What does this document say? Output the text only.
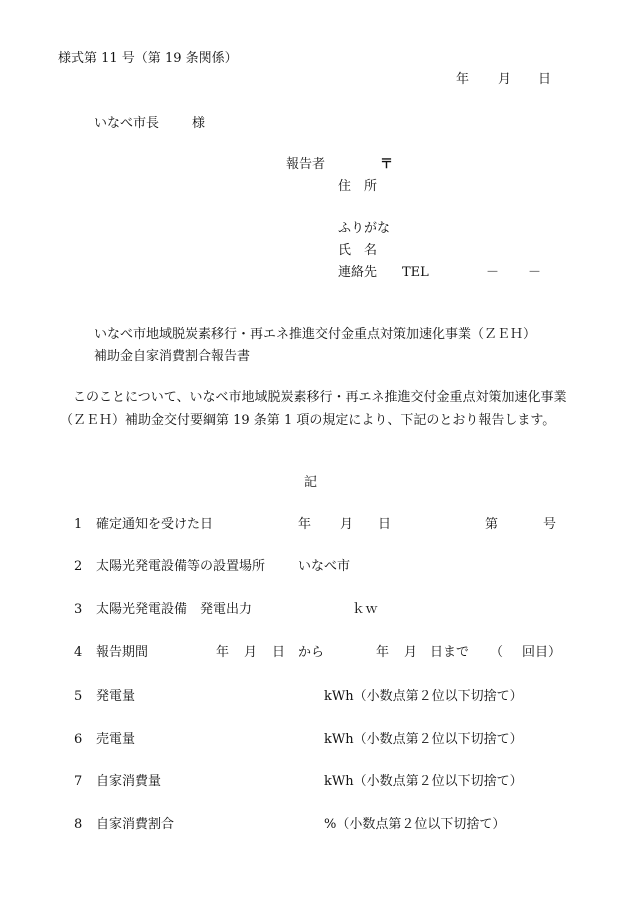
様式第 11 号（第 19 条関係）
年 月 日
いなべ市長	様
報告者	〒
住　所
ふりがな
氏　名
連絡先 TEL	－ －
いなべ市地域脱炭素移行・再エネ推進交付金重点対策加速化事業（ＺＥＨ）
補助金自家消費割合報告書
このことについて、いなべ市地域脱炭素移行・再エネ推進交付金重点対策加速化事業（ＺＥＨ）補助金交付要綱第 19 条第 1 項の規定により、下記のとおり報告します。
記
1 確定通知を受けた日	年 月 日	第	号
2 太陽光発電設備等の設置場所	いなべ市
3 太陽光発電設備　発電出力	ｋｗ
4 報告期間	年 月 日 から	年 月 日まで （ 回目）
5 発電量	kWh（小数点第２位以下切捨て）
6 売電量	kWh（小数点第２位以下切捨て）
7 自家消費量	kWh（小数点第２位以下切捨て）
8 自家消費割合	%（小数点第２位以下切捨て）
